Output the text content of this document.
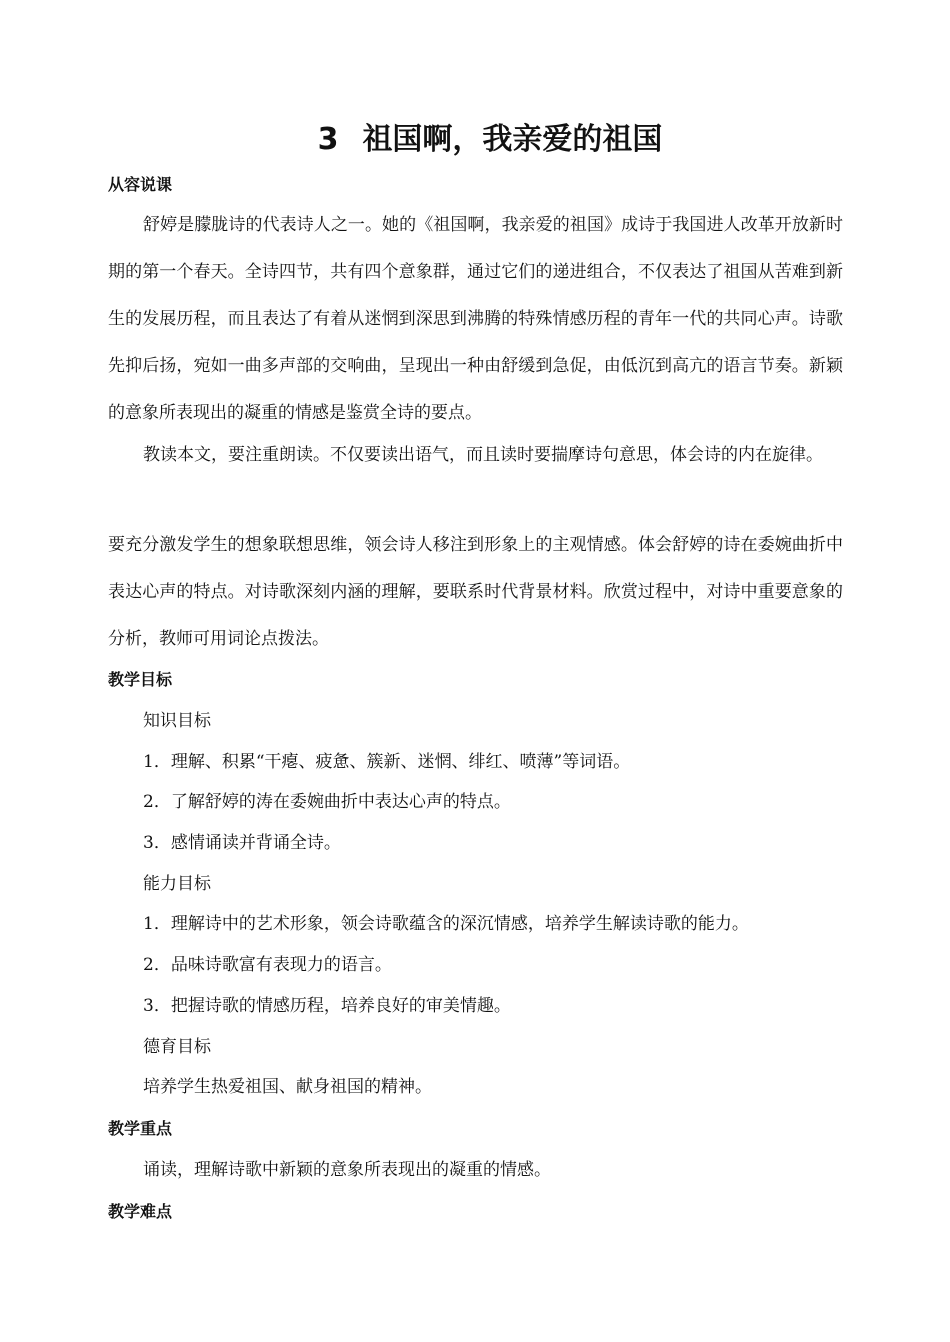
3 祖国啊，我亲爱的祖国
从容说课
舒婷是朦胧诗的代表诗人之一。她的《祖国啊，我亲爱的祖国》成诗于我国进人改革开放新时期的第一个春天。全诗四节，共有四个意象群，通过它们的递进组合，不仅表达了祖国从苦难到新生的发展历程，而且表达了有着从迷惘到深思到沸腾的特殊情感历程的青年一代的共同心声。诗歌先抑后扬，宛如一曲多声部的交响曲，呈现出一种由舒缓到急促，由低沉到高亢的语言节奏。新颖的意象所表现出的凝重的情感是鉴赏全诗的要点。
教读本文，要注重朗读。不仅要读出语气，而且读时要揣摩诗句意思，体会诗的内在旋律。
要充分激发学生的想象联想思维，领会诗人移注到形象上的主观情感。体会舒婷的诗在委婉曲折中表达心声的特点。对诗歌深刻内涵的理解，要联系时代背景材料。欣赏过程中，对诗中重要意象的分析，教师可用词论点拨法。
教学目标
知识目标
1．理解、积累“干瘪、疲惫、簇新、迷惘、绯红、喷薄”等词语。
2．了解舒婷的涛在委婉曲折中表达心声的特点。
3．感情诵读并背诵全诗。
能力目标
1．理解诗中的艺术形象，领会诗歌蕴含的深沉情感，培养学生解读诗歌的能力。
2．品味诗歌富有表现力的语言。
3．把握诗歌的情感历程，培养良好的审美情趣。
德育目标
培养学生热爱祖国、献身祖国的精神。
教学重点
诵读，理解诗歌中新颖的意象所表现出的凝重的情感。
教学难点
